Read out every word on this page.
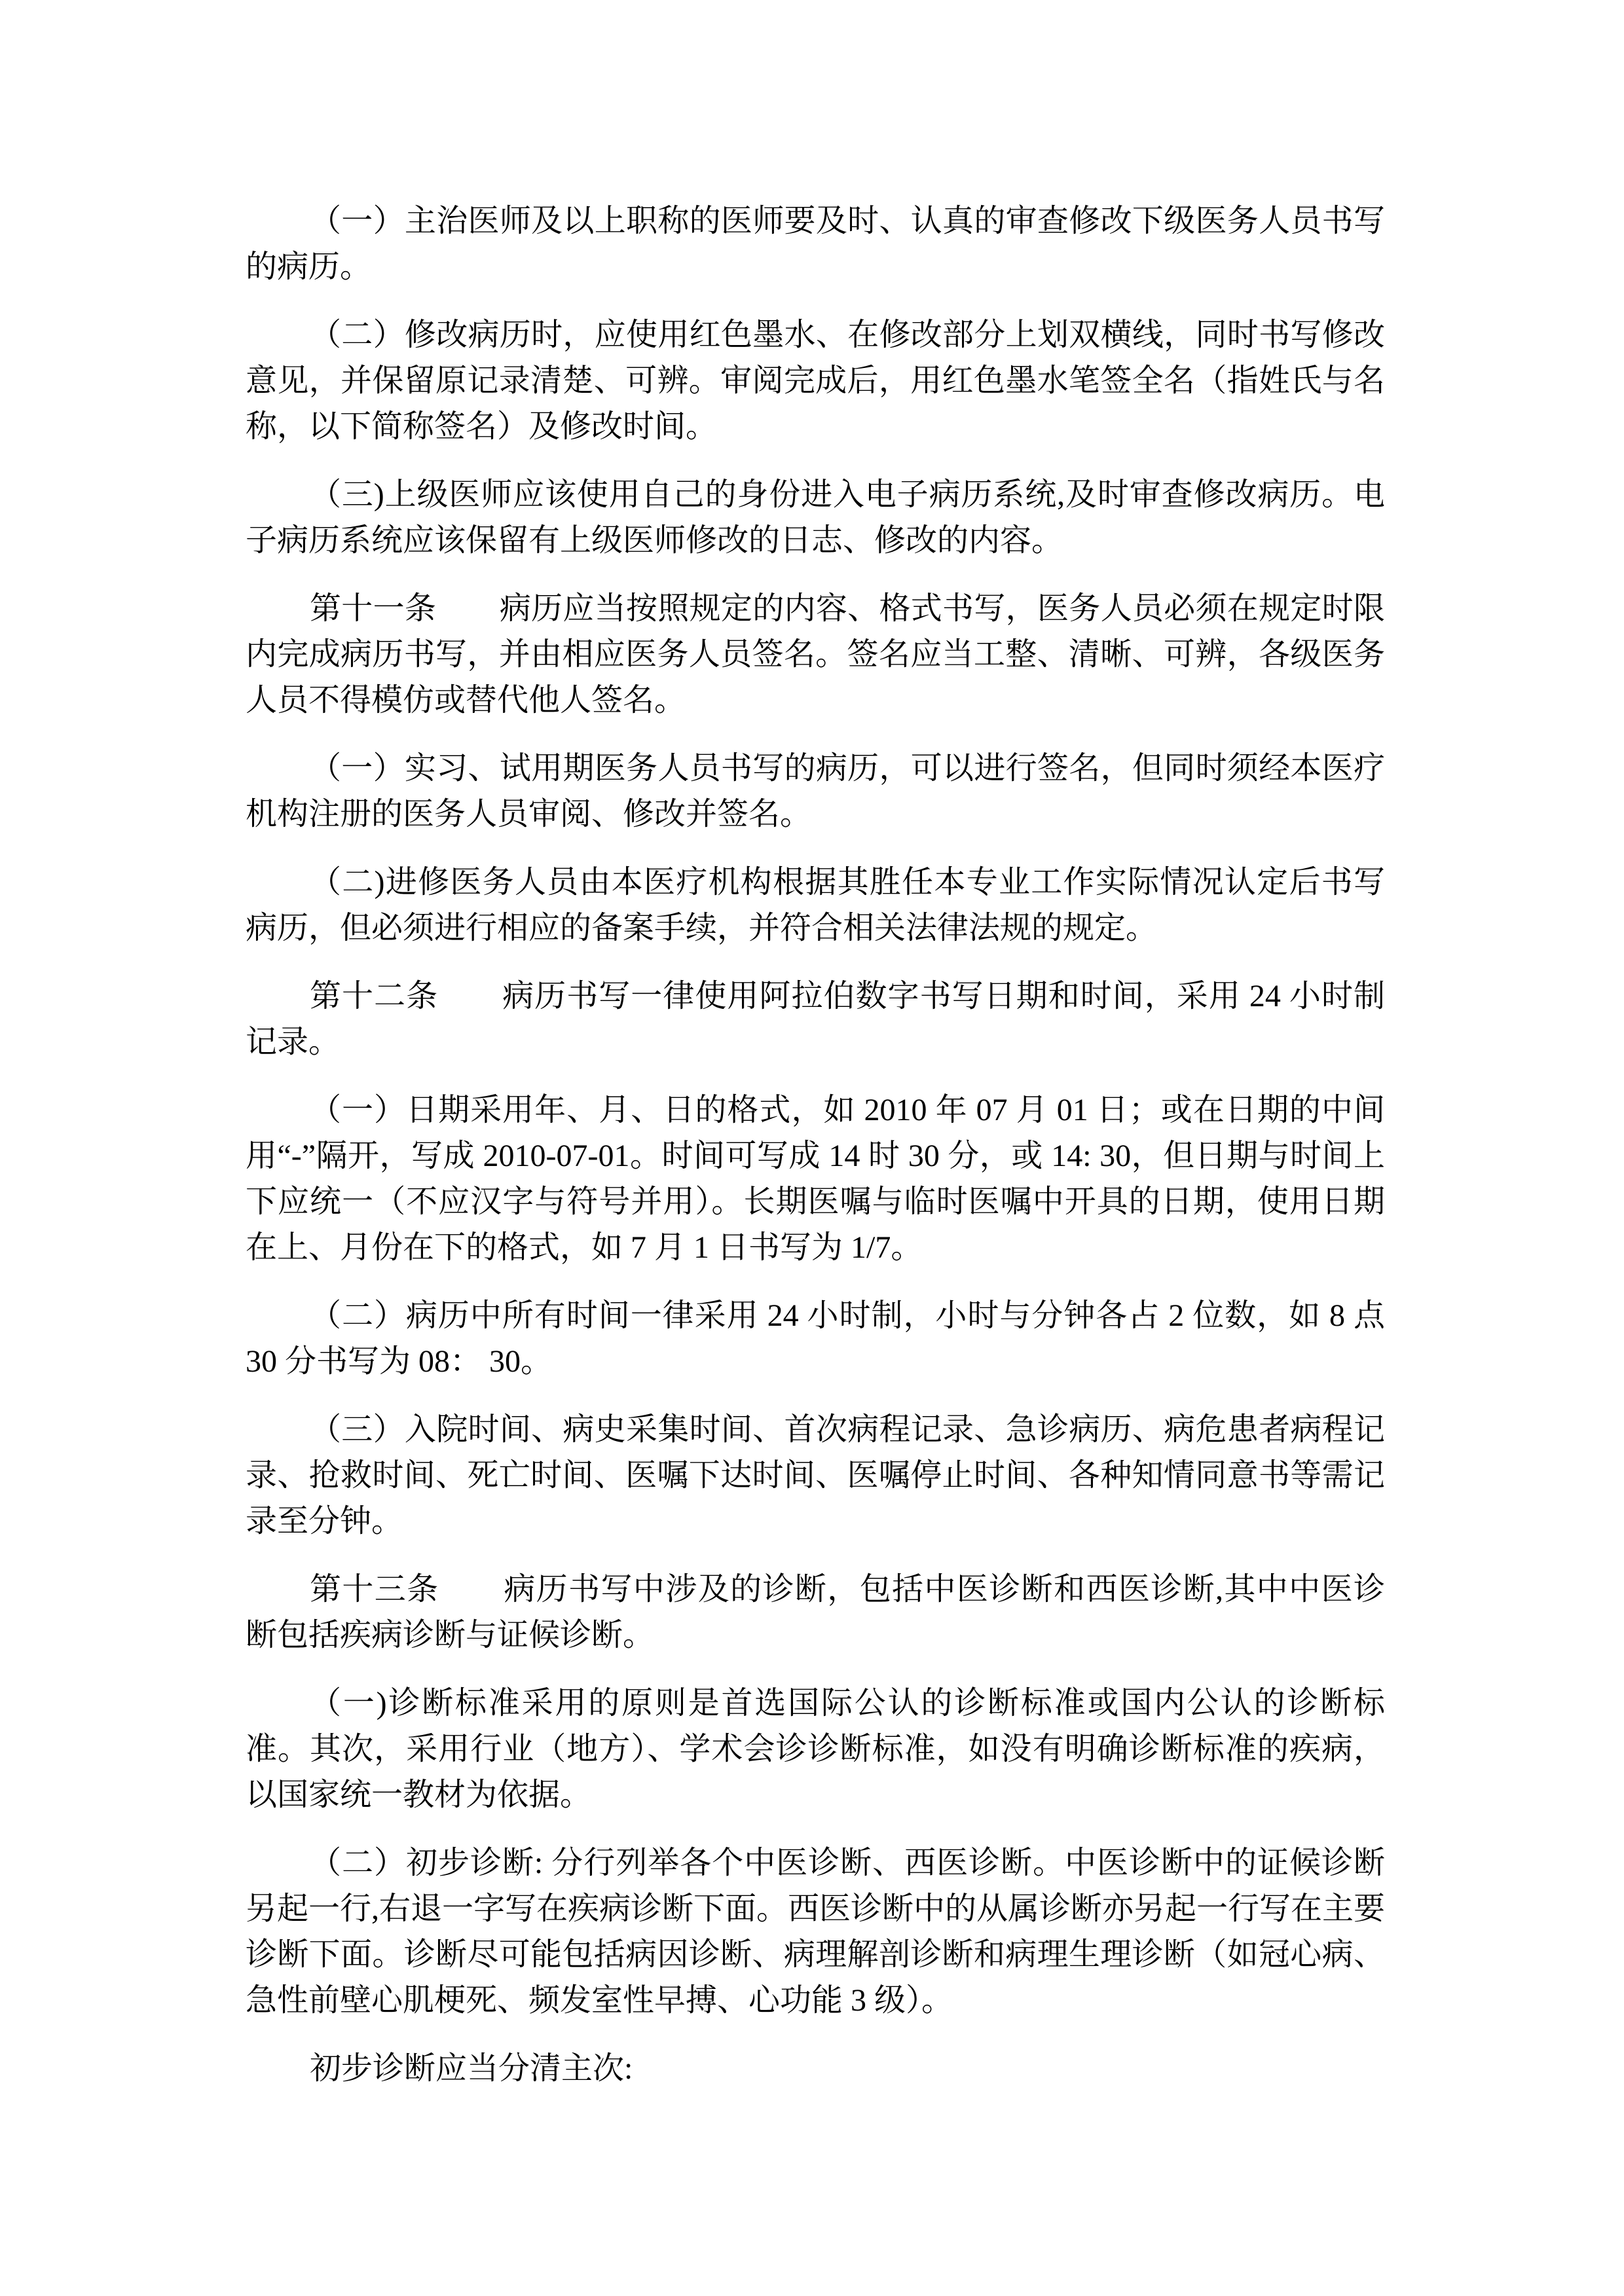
（一）主治医师及以上职称的医师要及时、认真的审查修改下级医务人员书写的病历。

（二）修改病历时，应使用红色墨水、在修改部分上划双横线，同时书写修改意见，并保留原记录清楚、可辨。审阅完成后，用红色墨水笔签全名（指姓氏与名称，以下简称签名）及修改时间。

（三)上级医师应该使用自己的身份进入电子病历系统,及时审查修改病历。电子病历系统应该保留有上级医师修改的日志、修改的内容。

第十一条　　病历应当按照规定的内容、格式书写，医务人员必须在规定时限内完成病历书写，并由相应医务人员签名。签名应当工整、清晰、可辨，各级医务人员不得模仿或替代他人签名。

（一）实习、试用期医务人员书写的病历，可以进行签名，但同时须经本医疗机构注册的医务人员审阅、修改并签名。

（二)进修医务人员由本医疗机构根据其胜任本专业工作实际情况认定后书写病历，但必须进行相应的备案手续，并符合相关法律法规的规定。

第十二条　　病历书写一律使用阿拉伯数字书写日期和时间，采用 24 小时制记录。

（一）日期采用年、月、日的格式，如 2010 年 07 月 01 日；或在日期的中间用“-”隔开，写成 2010-07-01。时间可写成 14 时 30 分，或 14: 30，但日期与时间上下应统一（不应汉字与符号并用）。长期医嘱与临时医嘱中开具的日期，使用日期在上、月份在下的格式，如 7 月 1 日书写为 1/7。

（二）病历中所有时间一律采用 24 小时制，小时与分钟各占 2 位数，如 8 点 30 分书写为 08： 30。

（三）入院时间、病史采集时间、首次病程记录、急诊病历、病危患者病程记录、抢救时间、死亡时间、医嘱下达时间、医嘱停止时间、各种知情同意书等需记录至分钟。

第十三条　　病历书写中涉及的诊断，包括中医诊断和西医诊断,其中中医诊断包括疾病诊断与证候诊断。

（一)诊断标准采用的原则是首选国际公认的诊断标准或国内公认的诊断标准。其次，采用行业（地方）、学术会诊诊断标准，如没有明确诊断标准的疾病，以国家统一教材为依据。

（二）初步诊断: 分行列举各个中医诊断、西医诊断。中医诊断中的证候诊断另起一行,右退一字写在疾病诊断下面。西医诊断中的从属诊断亦另起一行写在主要诊断下面。诊断尽可能包括病因诊断、病理解剖诊断和病理生理诊断（如冠心病、急性前壁心肌梗死、频发室性早搏、心功能 3 级）。

初步诊断应当分清主次:
